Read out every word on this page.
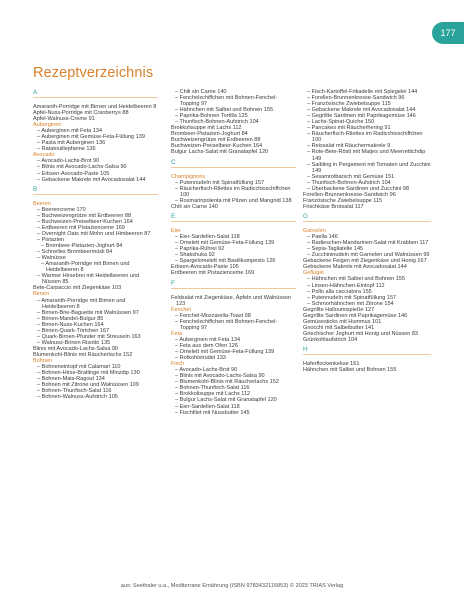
177
Rezeptverzeichnis

A

Amaranth-Porridge mit Birnen und Heidelbeeren 8

Apfel-Nuss-Porridge mit Cranberrys 88

Apfel-Walnuss-Creme 91

Auberginen

– Auberginen mit Feta 134

– Auberginen mit Gemüse-Feta-Füllung 139

– Pasta mit Auberginen 136

– Ratatouillepfanne 136

Avocado

– Avocado-Lachs-Brot 90

– Blinis mit Avocado-Lachs-Salsa 90

– Erbsen-Avocado-Paste 105

– Gebackene Makrele mit Avocadosalat 144

B

Beeren

– Beerencreme 170

– Buchweizengrütze mit Erdbeeren 88

– Buchweizen-Preiselbeer-Kuchen 164

– Erdbeeren mit Pistazienceme 169

– Overnight Oats mit Mohn und Himbeeren 87

– Pistazien

– Brombeer-Pistazien-Joghurt 84

– Schnelles Brombeermüsli 84

– Walnüsse

– Amaranth-Porridge mit Birnen und Heidelbeeren 8

– Warmer Hirsebrei mit Heidelbeeren und Nüssen 85

Bete-Carpaccio mit Ziegenkäse 103

Birnen

– Amaranth-Porridge mit Birnen und Heidelbeeren 8

– Birnen-Brie-Baguette mit Walnüssen 97

– Birnen-Mandel-Bulgur 85

– Birnen-Nuss-Kuchen 164

– Birnen-Quark-Törtchen 167

– Quark-Birnen-Pfunder mit Streuseln 163

– Walnuss-Birnen Risotto 135

Blinis mit Avocado-Lachs-Salsa 90

Blumenkohl-Blinis mit Räucherlachs 152

Bohnen

– Bohneneintopf mit Calamari 110

– Bohnen-Hirse-Bratlinge mit Minzdip 130

– Bohnen-Mais-Ragout 134

– Bohnen mit Zitrone und Walnüssen 109

– Bohnen-Thunfisch-Salat 116

– Bohnen-Walnuss-Aufstrich 105

– Chili sin Carne 140

– Fenchelschiffchen mit Bohnen-Fenchel-Topping 97

– Hähnchen mit Salbei und Bohnen 155

– Paprika-Bohnen Tortilla 125

– Thunfisch-Bohnen-Aufstrich 104

Brokkolisuppe mit Lachs 112

Brombeer-Pistazien-Joghurt 84

Buchweizengrütze mit Erdbeeren 88

Buchweizen-Preiselbeer-Kuchen 164

Bulgur Lachs-Salat mit Granatapfel 120

C

Champignons

– Putennudeln mit Spinatfüllung 157

– Räucherfisch-Rilettes im Radicchioschiffchen 100

– Rosmarinpolenta mit Pilzen und Mangold 138

Chili sin Carne 140

E

Eier

– Eier-Sardellen-Salat 118

– Omelett mit Gemüse-Feta-Füllung 139

– Paprika-Rührei 92

– Shakshuka 92

– Spargelomelett mit Basilikumpesto 126

Erbsen-Avocado-Paste 105

Erdbeeren mit Pistazienceme 169

F

Feldsalat mit Ziegenkäse, Äpfeln und Walnüssen 123

Fenchel

– Fenchel-Mozzarella-Toast 98

– Fenchelschiffchen mit Bohnen-Fenchel-Topping 97

Feta

– Auberginen mit Feta 134

– Feta aus dem Ofen 126

– Omelett mit Gemüse-Feta-Füllung 139

– Rotkohlstrudel 133

Fisch

– Avocado-Lachs-Brot 90

– Blinis mit Avocado-Lachs-Salsa 90

– Blumenkohl-Blinis mit Räucherlachs 152

– Bohnen-Thunfisch-Salat 116

– Brokkolisuppe mit Lachs 112

– Bulgur Lachs-Salat mit Granatapfel 120

– Eier-Sardellen-Salat 118

– Fischfilet mit Nussbutter 145

– Fisch-Kartoffel-Frikadelle mit Spiegelei 144

– Forellen-Brunnenkresse-Sandwich 96

– Französische Zwiebelsuppe 115

– Gebackene Makrele mit Avocadosalat 144

– Gegrillte Sardinen mit Paprikagemüse 146

– Lachs-Spinat-Quiche 150

– Pancakes mit Räucherhering 91

– Räucherfisch-Rilettes im Radicchioschiffchen 100

– Reissalat mit Räuchermakrele 9

– Rote-Bete-Rösti mit Matjes und Meerrettichdip 149

– Saibling in Pergament mit Tomaten und Zucchini 149

– Sesamrotbarsch mit Gemüse 151

– Thunfisch-Bohnen-Aufstrich 104

– Überbackene Sardinen und Zucchini 98

Forellen-Brunnenkresse-Sandwich 96

Französische Zwiebelsuppe 115

Frischkäse Brotsalat 117

G

Garnelen

– Paella 146

– Radieschen-Mandarinen-Salat mit Krabben 117

– Sepia-Tagliatelle 145

– Zucchininudeln mit Garnelen und Walnüssen 99

Gebackene Feigen mit Ziegenkäse und Honig 167

Gebackene Makrele mit Avocadosalat 144

Geflügel

– Hähnchen mit Salbei und Bohnen 155

– Linsen-Hähnchen-Eintopf 112

– Pollo alla cacciatora 155

– Putennudeln mit Spinatfüllung 157

– Schmorhähnchen mit Zitrone 154

Gegrillte Halloumispieße 127

Gegrillte Sardinen mit Paprikagemüse 146

Gemüsesticks mit Hummus 101

Gnocchi mit Salbeibutter 141

Griechischer Joghurt mit Honig und Nüssen 83

Grünkohlaufstrich 104

H

Haferflockenkekse 161

Hähnchen mit Salbei und Bohnen 155

aus: Seethaler u.a., Mediterrane Ernährung (ISBN 9783432116853) © 2023 TRIAS Verlag
